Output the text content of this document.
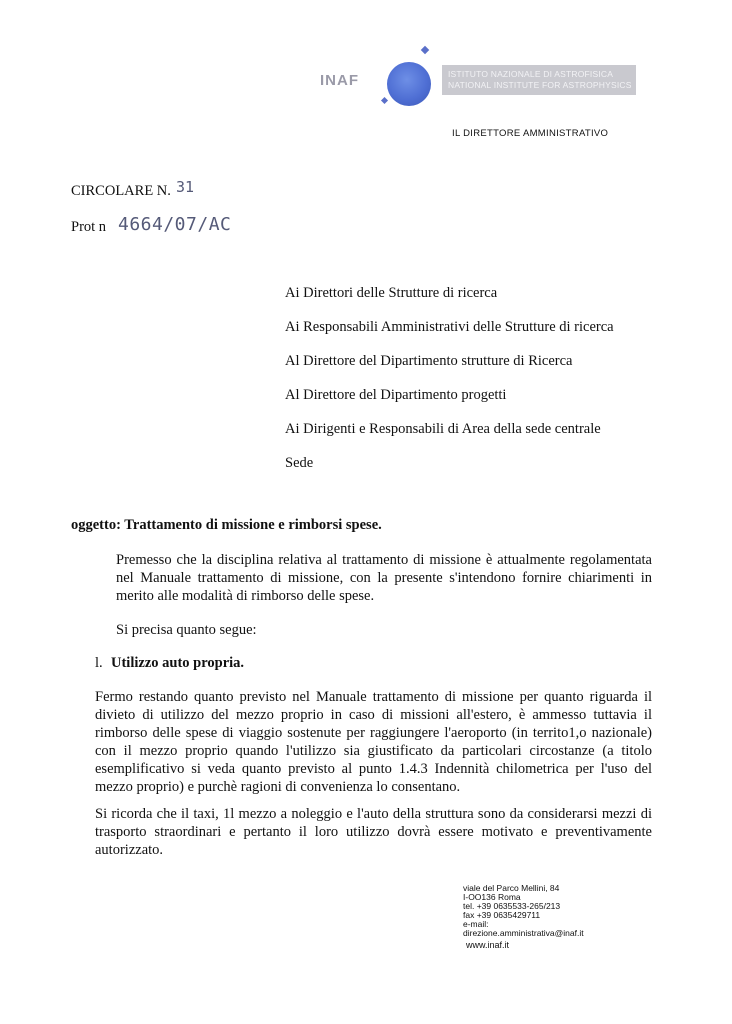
ISTITUTO NAZIONALE DI ASTROFISICA
NATIONAL INSTITUTE FOR ASTROPHYSICS
INAF
IL DIRETTORE AMMINISTRATIVO
CIRCOLARE N. 31
Prot n 4664/07/AC
Ai Direttori delle Strutture di ricerca
Ai Responsabili Amministrativi delle Strutture di ricerca
Al Direttore del Dipartimento strutture di Ricerca
Al Direttore del Dipartimento progetti
Ai Dirigenti e Responsabili di Area della sede centrale
Sede
oggetto: Trattamento di missione e rimborsi spese.
Premesso che la disciplina relativa al trattamento di missione è attualmente regolamentata nel Manuale trattamento di missione, con la presente s'intendono fornire chiarimenti in merito alle modalità di rimborso delle spese.
Si precisa quanto segue:
l. Utilizzo auto propria.
Fermo restando quanto previsto nel Manuale trattamento di missione per quanto riguarda il divieto di utilizzo del mezzo proprio in caso di missioni all'estero, è ammesso tuttavia il rimborso delle spese di viaggio sostenute per raggiungere l'aeroporto (in territo1,o nazionale) con il mezzo proprio quando l'utilizzo sia giustificato da particolari circostanze (a titolo esemplificativo si veda quanto previsto al punto 1.4.3 Indennità chilometrica per l'uso del mezzo proprio) e purchè ragioni di convenienza lo consentano.
Si ricorda che il taxi, 1l mezzo a noleggio e l'auto della struttura sono da considerarsi mezzi di trasporto straordinari e pertanto il loro utilizzo dovrà essere motivato e preventivamente autorizzato.
viale del Parco Mellini, 84
I-OO136 Roma
tel. +39 0635533-265/213
fax +39 0635429711
e-mail:
direzione.amministrativa@inaf.it
www.inaf.it
